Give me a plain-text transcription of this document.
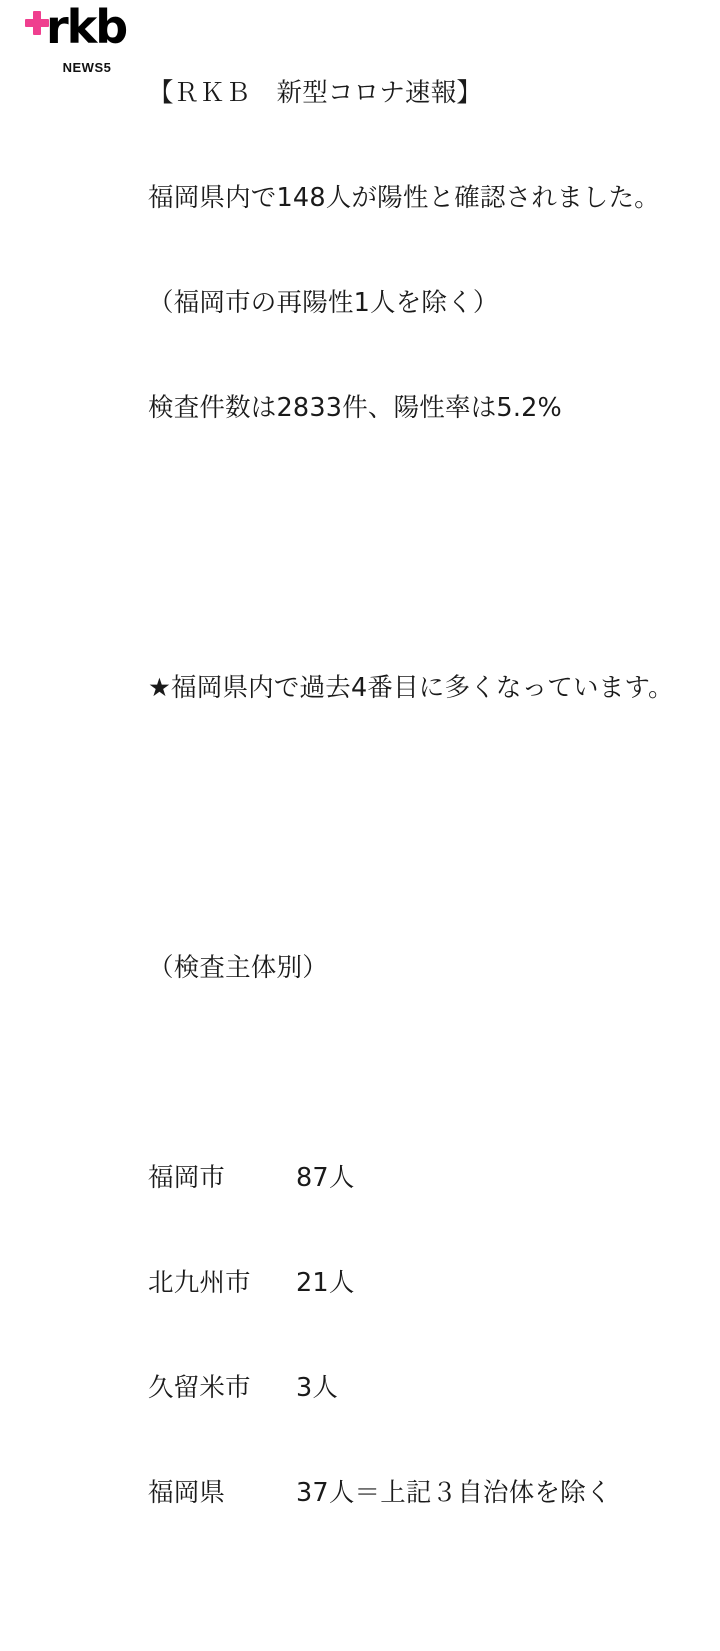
rkb
NEWS5

【ＲＫＢ　新型コロナ速報】

福岡県内で148人が陽性と確認されました。

（福岡市の再陽性1人を除く）

検査件数は2833件、陽性率は5.2%

★福岡県内で過去4番目に多くなっています。

（検査主体別）

福岡市	87人

北九州市	21人

久留米市	3人

福岡県	37人＝上記３自治体を除く
